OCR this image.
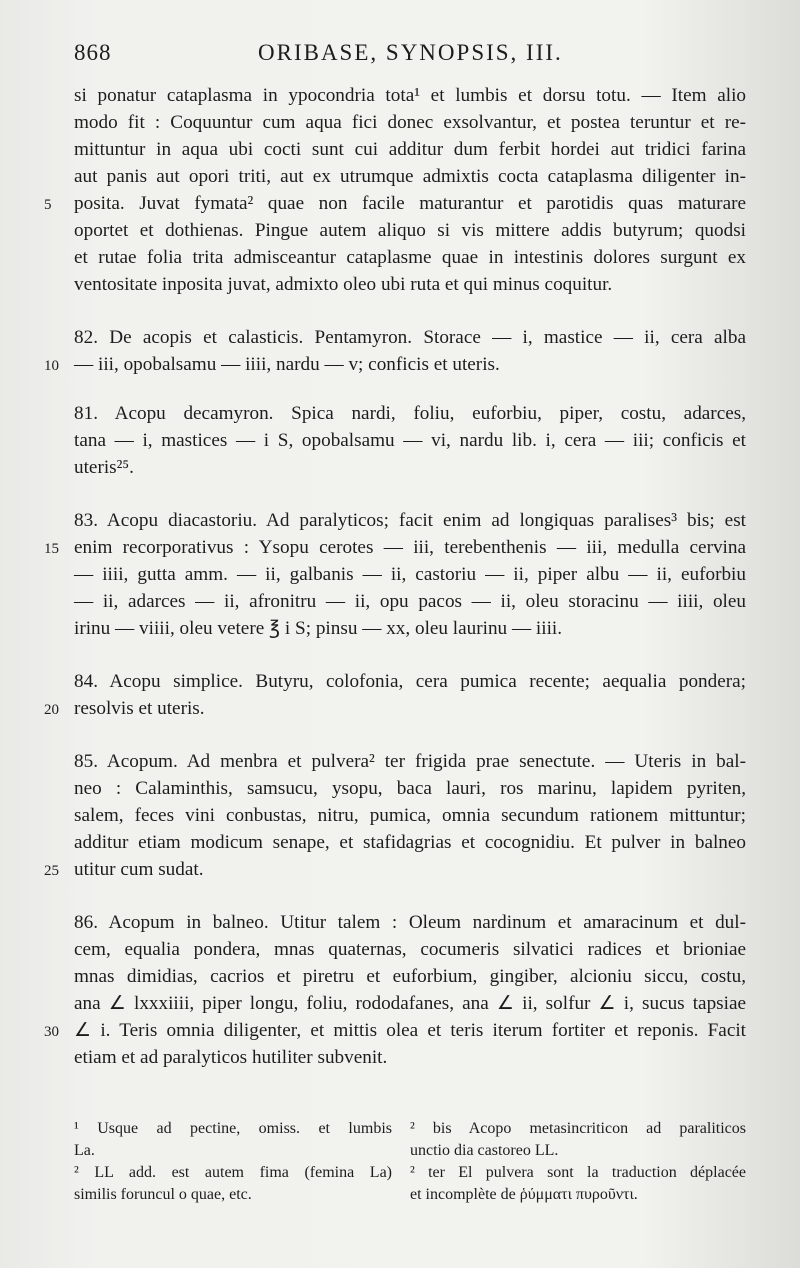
868	ORIBASE, SYNOPSIS, III.
si ponatur cataplasma in ypocondria tota¹ et lumbis et dorsu totu. — Item alio
modo fit : Coquuntur cum aqua fici donec exsolvantur, et postea teruntur et re-
mittuntur in aqua ubi cocti sunt cui additur dum ferbit hordei aut tridici farina
aut panis aut opori triti, aut ex utrumque admixtis cocta cataplasma diligenter in-
5	posita. Juvat fymata² quae non facile maturantur et parotidis quas maturare
oportet et dothienas. Pingue autem aliquo si vis mittere addis butyrum; quodsi
et rutae folia trita admisceantur cataplasme quae in intestinis dolores surgunt ex
ventositate inposita juvat, admixto oleo ubi ruta et qui minus coquitur.
82. De acopis et calasticis. Pentamyron. Storace — i, mastice — ii, cera alba
10 — iii, opobalsamu — iiii, nardu — v; conficis et uteris.
81. Acopu decamyron. Spica nardi, foliu, euforbiu, piper, costu, adarces,
tana — i, mastices — i S, opobalsamu — vi, nardu lib. i, cera — iii; conficis et
uteris²⁵.
83. Acopu diacastoriu. Ad paralyticos; facit enim ad longiquas paralises³ bis; est
15 enim recorporativus : Ysopu cerotes — iii, terebenthenis — iii, medulla cervina
— iiii, gutta amm. — ii, galbanis — ii, castoriu — ii, piper albu — ii, euforbiu
— ii, adarces — ii, afronitru — ii, opu pacos — ii, oleu storacinu — iiii, oleu
irinu — viiii, oleu vetere ℥ i S; pinsu — xx, oleu laurinu — iiii.
84. Acopu simplice. Butyru, colofonia, cera pumica recente; aequalia pondera;
20 resolvis et uteris.
85. Acopum. Ad menbra et pulvera² ter frigida prae senectute. — Uteris in bal-
neo : Calaminthis, samsucu, ysopu, baca lauri, ros marinu, lapidem pyriten,
salem, feces vini conbustas, nitru, pumica, omnia secundum rationem mittuntur;
additur etiam modicum senape, et stafidagrias et cocognidiu. Et pulver in balneo
25 utitur cum sudat.
86. Acopum in balneo. Utitur talem : Oleum nardinum et amaracinum et dul-
cem, equalia pondera, mnas quaternas, cocumeris silvatici radices et brioniae
mnas dimidias, cacrios et piretru et euforbium, gingiber, alcioniu siccu, costu,
ana ∠ lxxxiiii, piper longu, foliu, rododafanes, ana ∠ ii, solfur ∠ i, sucus tapsiae
30 ∠ i. Teris omnia diligenter, et mittis olea et teris iterum fortiter et reponis. Facit
etiam et ad paralyticos hutiliter subvenit.
¹ Usque ad pectine, omiss. et lumbis
La.
² LL add. est autem fima (femina La)
similis foruncul o quae, etc.
² bis Acopo metasincriticon ad paraliticos
unctio dia castoreo LL.
² ter El pulvera sont la traduction déplacée
et incomplète de ῥύμματι πυροῦντι.
